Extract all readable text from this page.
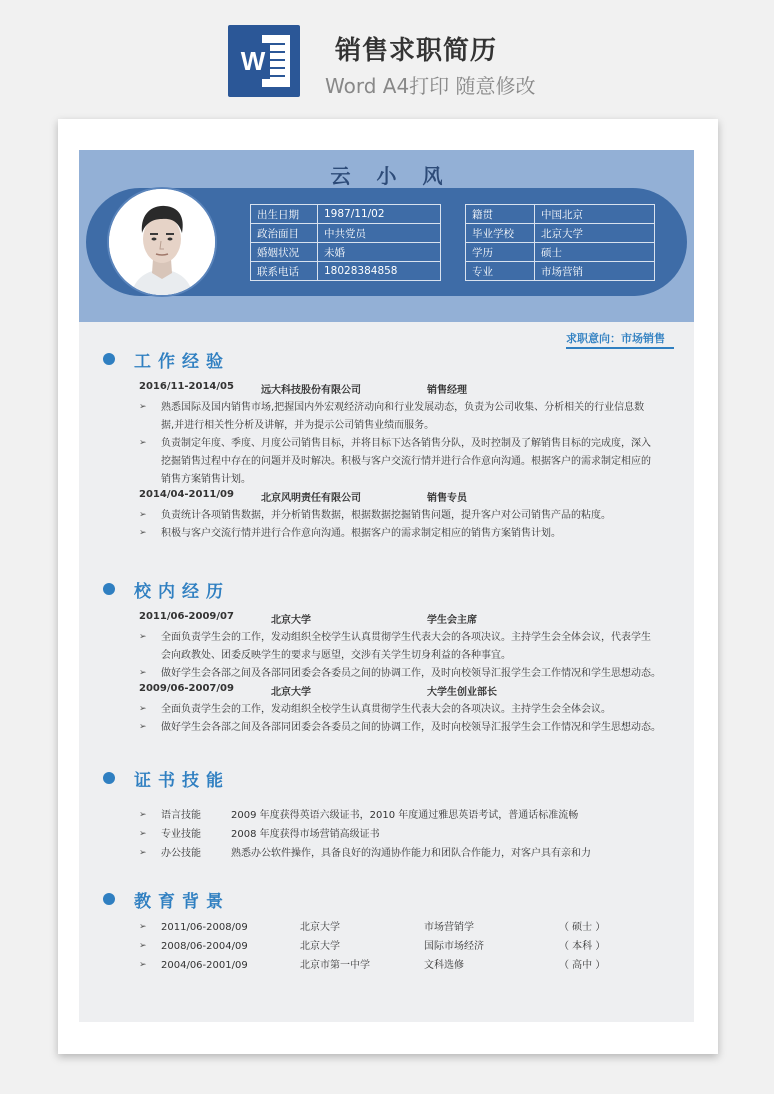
W	销售求职简历
Word A4打印 随意修改
云小风
出生日期	1987/11/02
政治面目	中共党员
婚姻状况	未婚
联系电话	18028384858
籍贯	中国北京
毕业学校	北京大学
学历	硕士
专业	市场营销
求职意向：市场销售
工作经验
校内经历
证书技能
教育背景
2016/11-2014/05	远大科技股份有限公司	销售经理
➢ 熟悉国际及国内销售市场,把握国内外宏观经济动向和行业发展动态，负责为公司收集、分析相关的行业信息数
据,并进行相关性分析及讲解，并为提示公司销售业绩而服务。
➢ 负责制定年度、季度、月度公司销售目标，并将目标下达各销售分队，及时控制及了解销售目标的完成度，深入
挖掘销售过程中存在的问题并及时解决。积极与客户交流行情并进行合作意向沟通。根据客户的需求制定相应的
销售方案销售计划。
2014/04-2011/09	北京风明责任有限公司	销售专员
➢ 负责统计各项销售数据，并分析销售数据，根据数据挖掘销售问题，提升客户对公司销售产品的粘度。
➢ 积极与客户交流行情并进行合作意向沟通。根据客户的需求制定相应的销售方案销售计划。
2011/06-2009/07	北京大学	学生会主席
➢ 全面负责学生会的工作，发动组织全校学生认真贯彻学生代表大会的各项决议。主持学生会全体会议，代表学生
会向政教处、团委反映学生的要求与愿望，交涉有关学生切身利益的各种事宜。
➢ 做好学生会各部之间及各部同团委会各委员之间的协调工作，及时向校领导汇报学生会工作情况和学生思想动态。
2009/06-2007/09	北京大学	大学生创业部长
➢ 全面负责学生会的工作，发动组织全校学生认真贯彻学生代表大会的各项决议。主持学生会全体会议。
➢ 做好学生会各部之间及各部同团委会各委员之间的协调工作，及时向校领导汇报学生会工作情况和学生思想动态。
➢ 语言技能	2009 年度获得英语六级证书，2010 年度通过雅思英语考试，普通话标准流畅
➢ 专业技能	2008 年度获得市场营销高级证书
➢ 办公技能	熟悉办公软件操作，具备良好的沟通协作能力和团队合作能力，对客户具有亲和力
➢ 2011/06-2008/09	北京大学	市场营销学	（ 硕士 ）
➢ 2008/06-2004/09	北京大学	国际市场经济	（ 本科 ）
➢ 2004/06-2001/09	北京市第一中学	文科选修	（ 高中 ）
